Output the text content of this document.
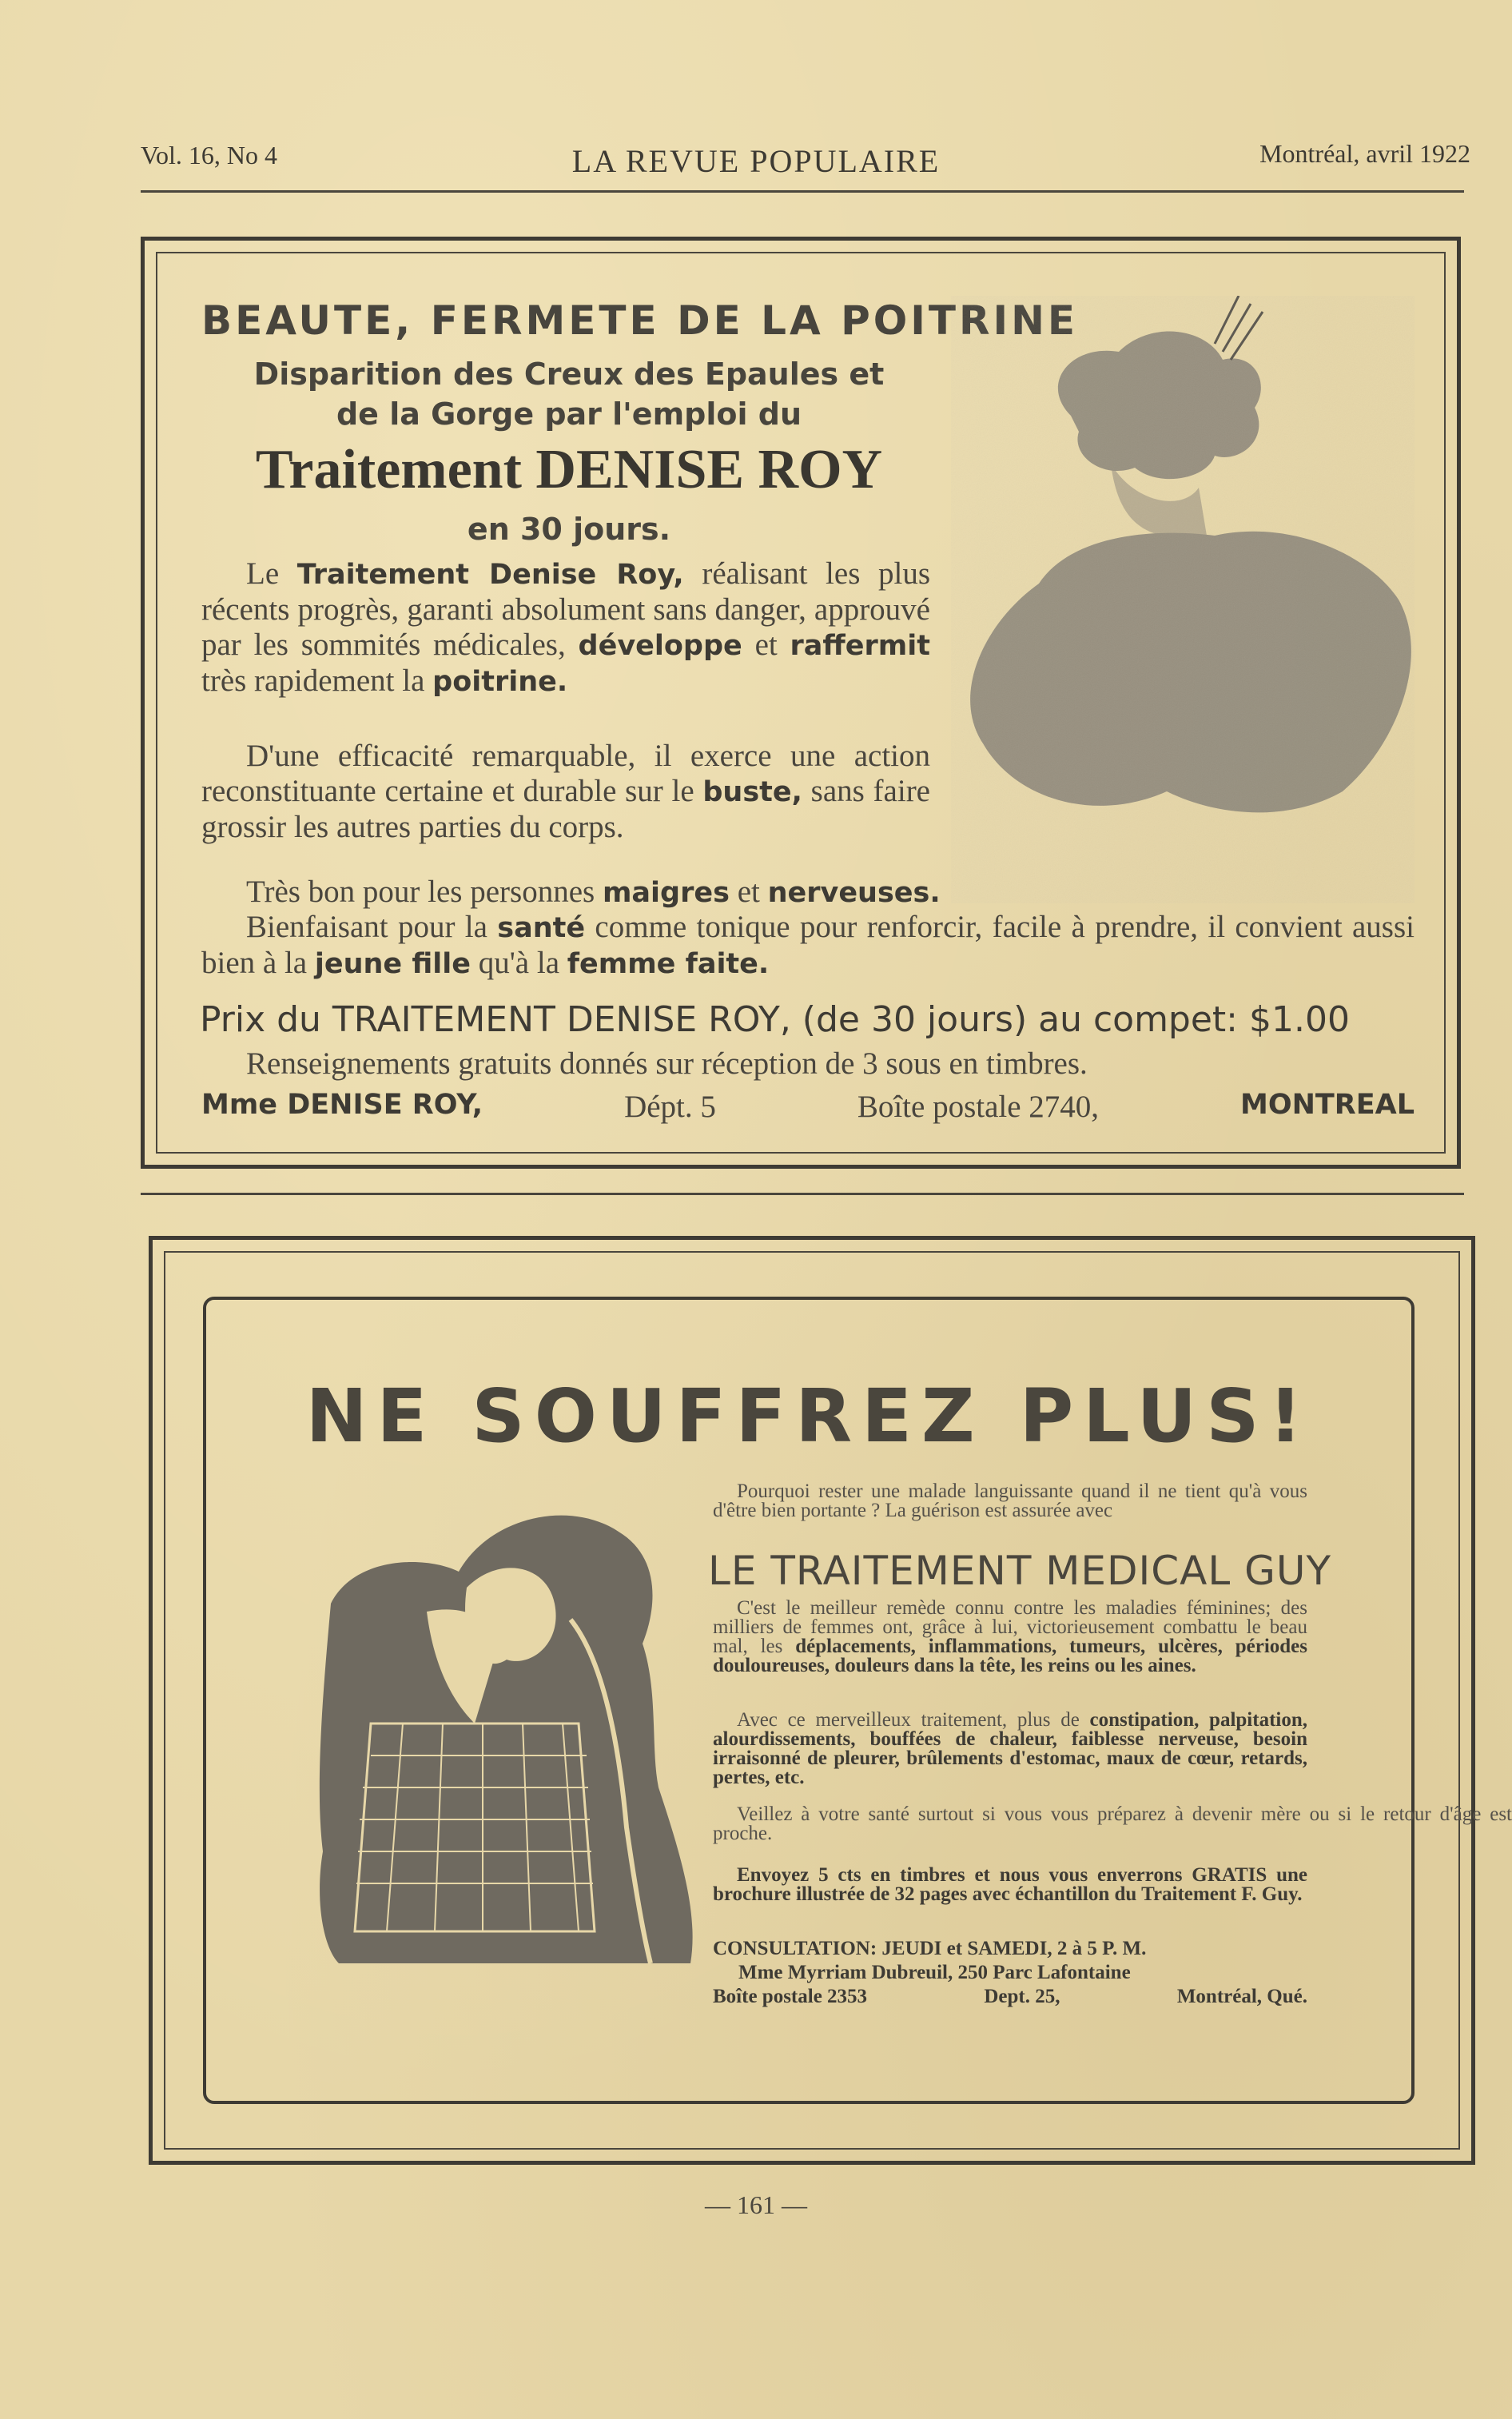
Vol. 16, No 4	LA REVUE POPULAIRE	Montréal, avril 1922
BEAUTE, FERMETE DE LA POITRINE
Disparition des Creux des Epaules et
de la Gorge par l'emploi du
Traitement DENISE ROY
en 30 jours.
Le Traitement Denise Roy, réalisant les plus récents progrès, garanti absolument sans danger, approuvé par les sommités médicales, développe et raffermit très rapidement la poitrine.
D'une efficacité remarquable, il exerce une action reconstituante certaine et durable sur le buste, sans faire grossir les autres parties du corps.
Très bon pour les personnes maigres et nerveuses.
Bienfaisant pour la santé comme tonique pour renforcir, facile à prendre, il convient aussi bien à la jeune fille qu'à la femme faite.
Prix du TRAITEMENT DENISE ROY, (de 30 jours) au compet: $1.00
Renseignements gratuits donnés sur réception de 3 sous en timbres.
Mme DENISE ROY,	Dépt. 5	Boîte postale 2740,	MONTREAL
NE SOUFFREZ PLUS!
Pourquoi rester une malade languissante quand il ne tient qu'à vous d'être bien portante ? La guérison est assurée avec
LE TRAITEMENT MEDICAL GUY
C'est le meilleur remède connu contre les maladies féminines; des milliers de femmes ont, grâce à lui, victorieusement combattu le beau mal, les déplacements, inflammations, tumeurs, ulcères, périodes douloureuses, douleurs dans la tête, les reins ou les aines.
Avec ce merveilleux traitement, plus de constipation, palpitation, alourdissements, bouffées de chaleur, faiblesse nerveuse, besoin irraisonné de pleurer, brûlements d'estomac, maux de cœur, retards, pertes, etc.
Veillez à votre santé surtout si vous vous préparez à devenir mère ou si le retour d'âge est proche.
Envoyez 5 cts en timbres et nous vous enverrons GRATIS une brochure illustrée de 32 pages avec échantillon du Traitement F. Guy.
CONSULTATION: JEUDI et SAMEDI, 2 à 5 P. M.
Mme Myrriam Dubreuil, 250 Parc Lafontaine
Boîte postale 2353	Dept. 25,	Montréal, Qué.
— 161 —
